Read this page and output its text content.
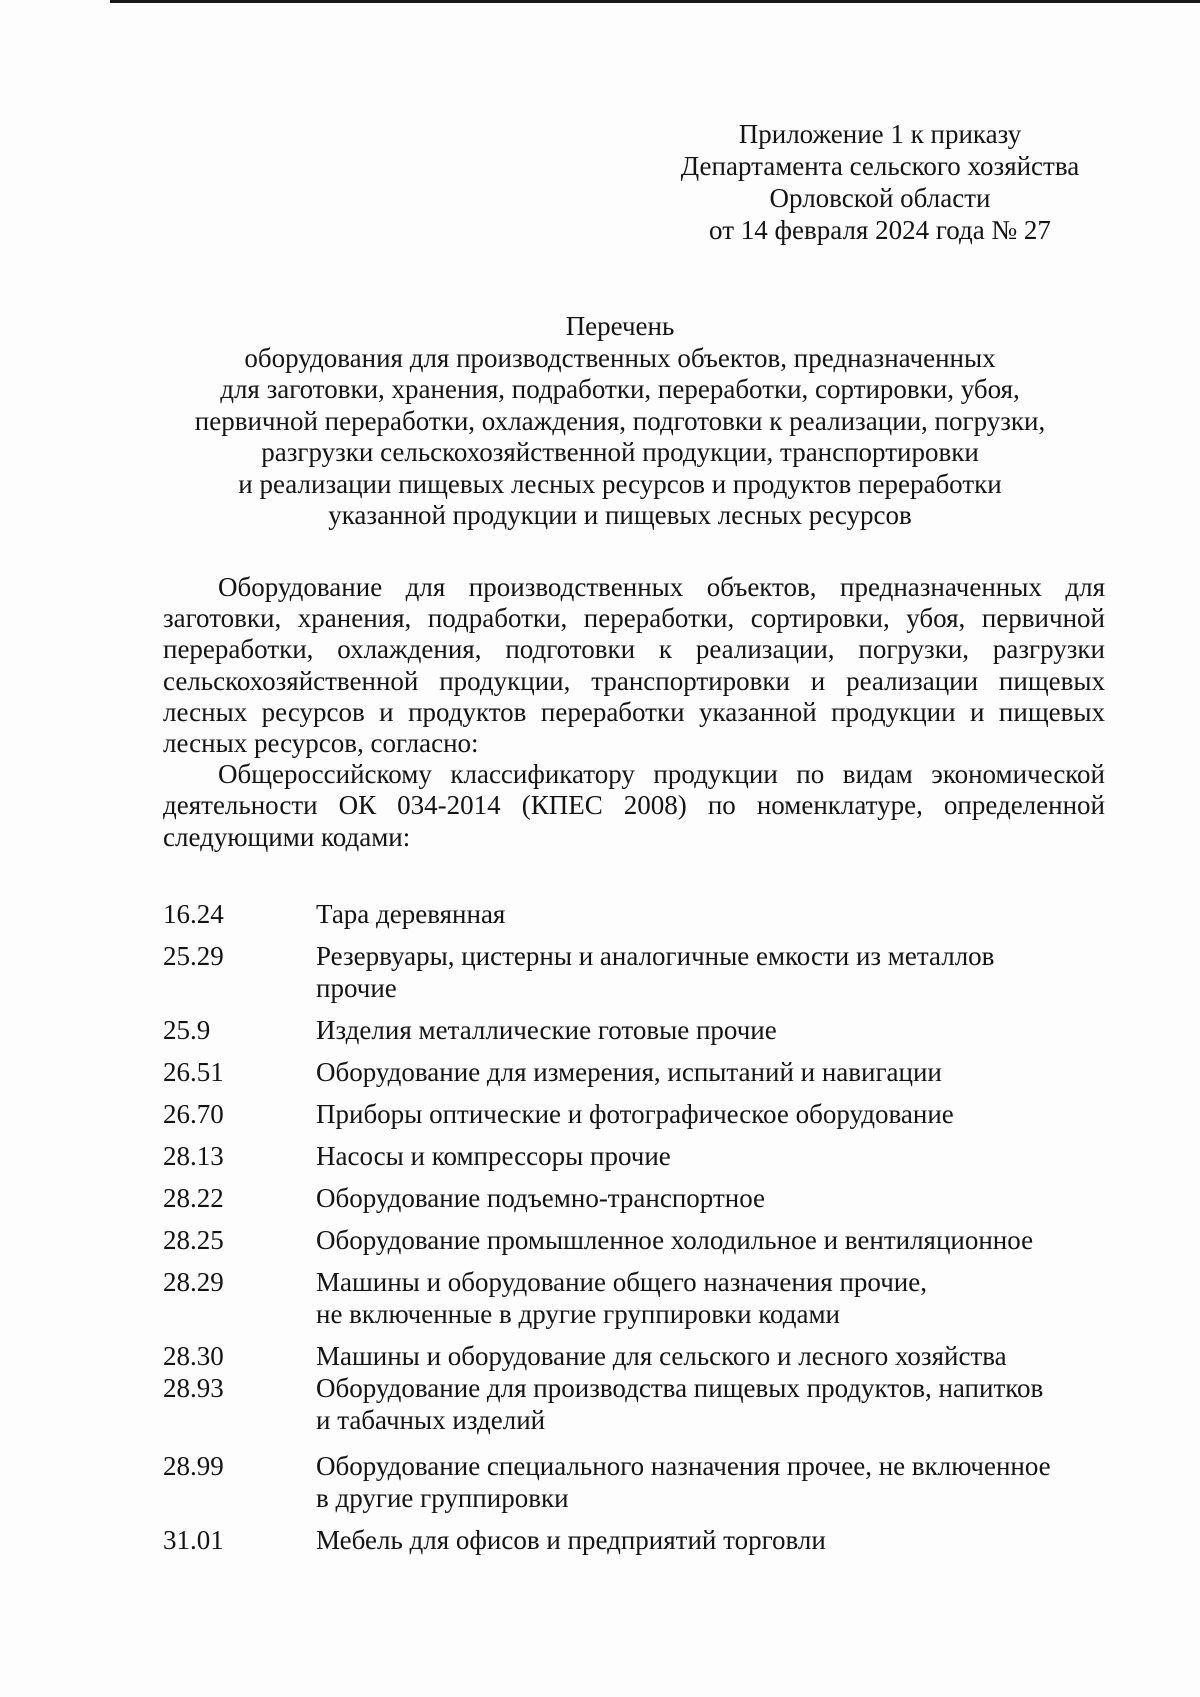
Приложение 1 к приказу
Департамента сельского хозяйства
Орловской области
от 14 февраля 2024 года № 27
Перечень
оборудования для производственных объектов, предназначенных
для заготовки, хранения, подработки, переработки, сортировки, убоя,
первичной переработки, охлаждения, подготовки к реализации, погрузки,
разгрузки сельскохозяйственной продукции, транспортировки
и реализации пищевых лесных ресурсов и продуктов переработки
указанной продукции и пищевых лесных ресурсов

Оборудование для производственных объектов, предназначенных для заготовки, хранения, подработки, переработки, сортировки, убоя, первичной переработки, охлаждения, подготовки к реализации, погрузки, разгрузки сельскохозяйственной продукции, транспортировки и реализации пищевых лесных ресурсов и продуктов переработки указанной продукции и пищевых лесных ресурсов, согласно:

Общероссийскому классификатору продукции по видам экономической деятельности ОК 034-2014 (КПЕС 2008) по номенклатуре, определенной следующими кодами:

16.24	Тара деревянная
25.29	Резервуары, цистерны и аналогичные емкости из металлов
прочие
25.9	Изделия металлические готовые прочие
26.51	Оборудование для измерения, испытаний и навигации
26.70	Приборы оптические и фотографическое оборудование
28.13	Насосы и компрессоры прочие
28.22	Оборудование подъемно-транспортное
28.25	Оборудование промышленное холодильное и вентиляционное
28.29	Машины и оборудование общего назначения прочие,
не включенные в другие группировки кодами
28.30	Машины и оборудование для сельского и лесного хозяйства
28.93	Оборудование для производства пищевых продуктов, напитков
и табачных изделий
28.99	Оборудование специального назначения прочее, не включенное
в другие группировки
31.01	Мебель для офисов и предприятий торговли
